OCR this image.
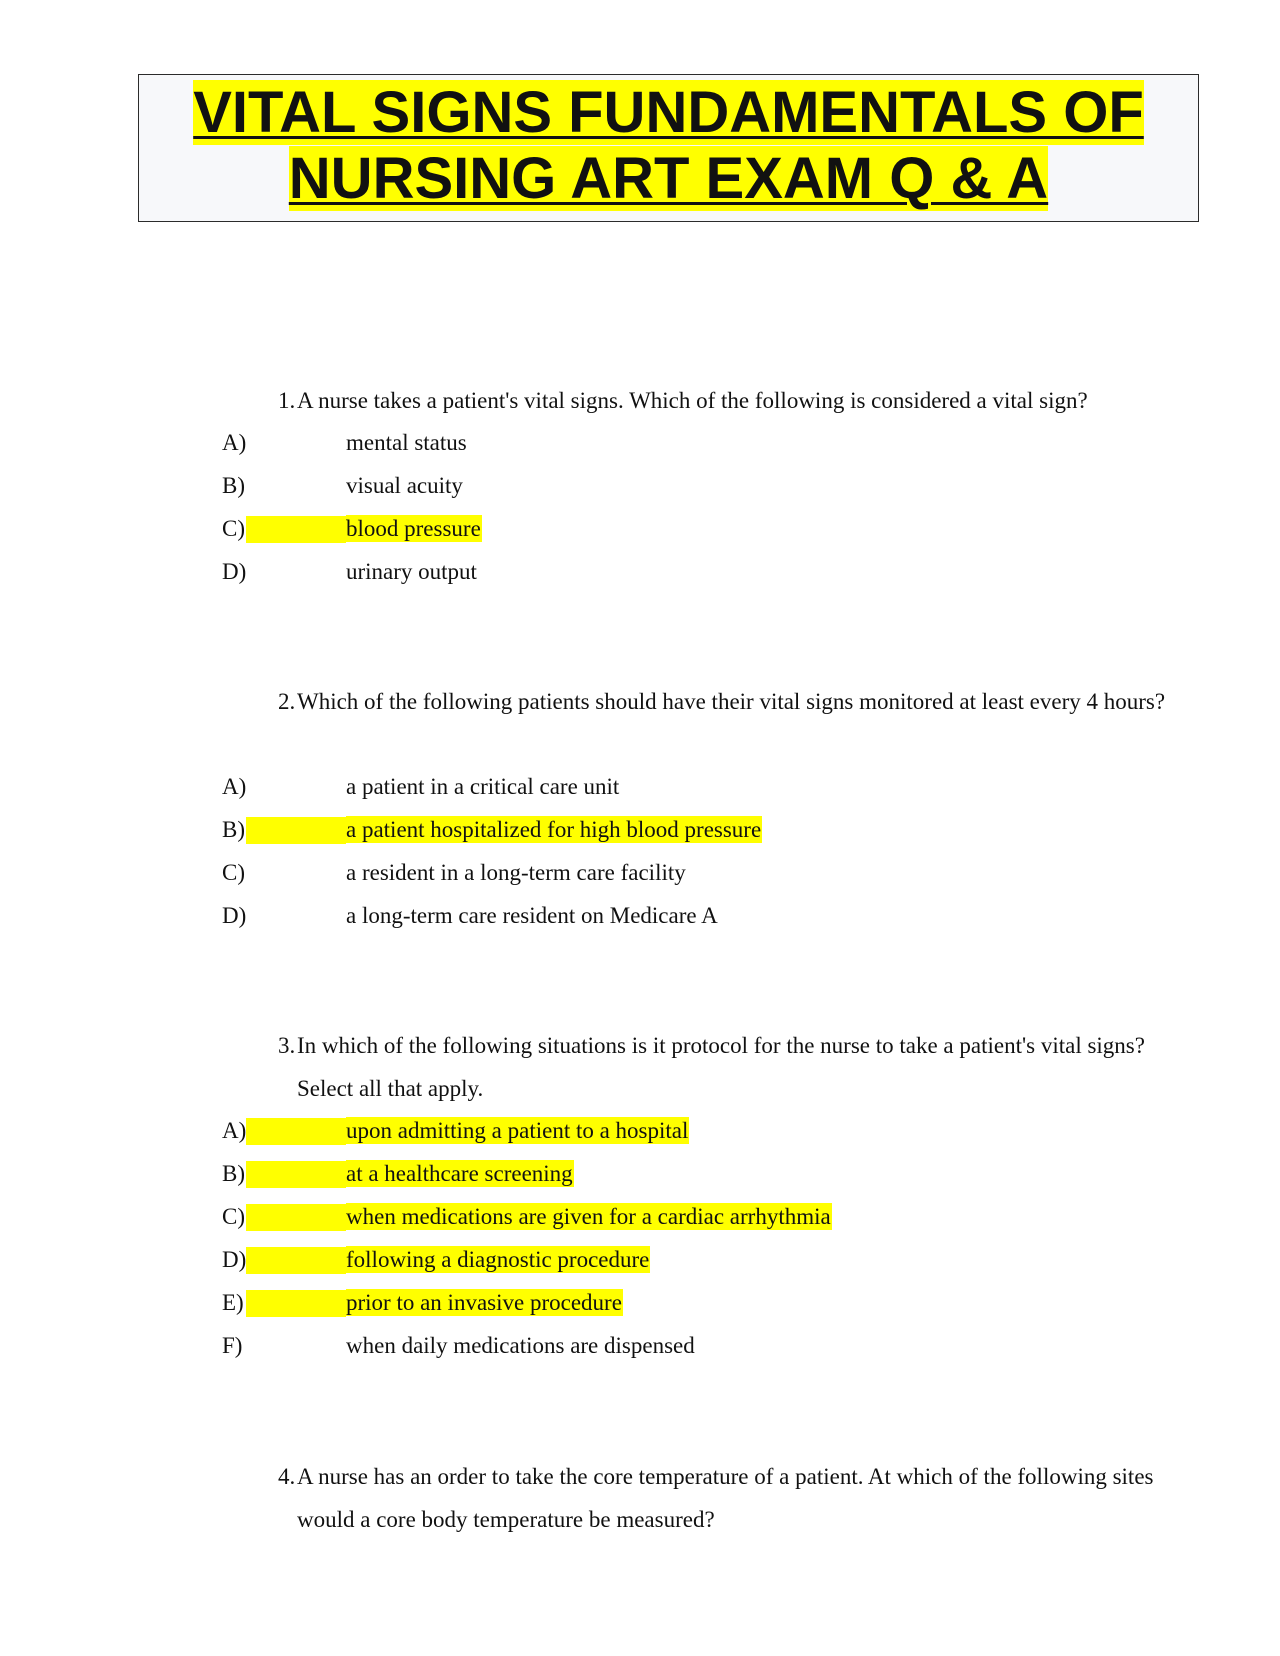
VITAL SIGNS FUNDAMENTALS OF
NURSING ART EXAM Q & A
1. A nurse takes a patient's vital signs. Which of the following is considered a vital sign?
A)	mental status
B)	visual acuity
C)	blood pressure
D)	urinary output
2. Which of the following patients should have their vital signs monitored at least every 4 hours?
A)	a patient in a critical care unit
B)	a patient hospitalized for high blood pressure
C)	a resident in a long-term care facility
D)	a long-term care resident on Medicare A
3. In which of the following situations is it protocol for the nurse to take a patient's vital signs? Select all that apply.
A)	upon admitting a patient to a hospital
B)	at a healthcare screening
C)	when medications are given for a cardiac arrhythmia
D)	following a diagnostic procedure
E)	prior to an invasive procedure
F)	when daily medications are dispensed
4. A nurse has an order to take the core temperature of a patient. At which of the following sites would a core body temperature be measured?
